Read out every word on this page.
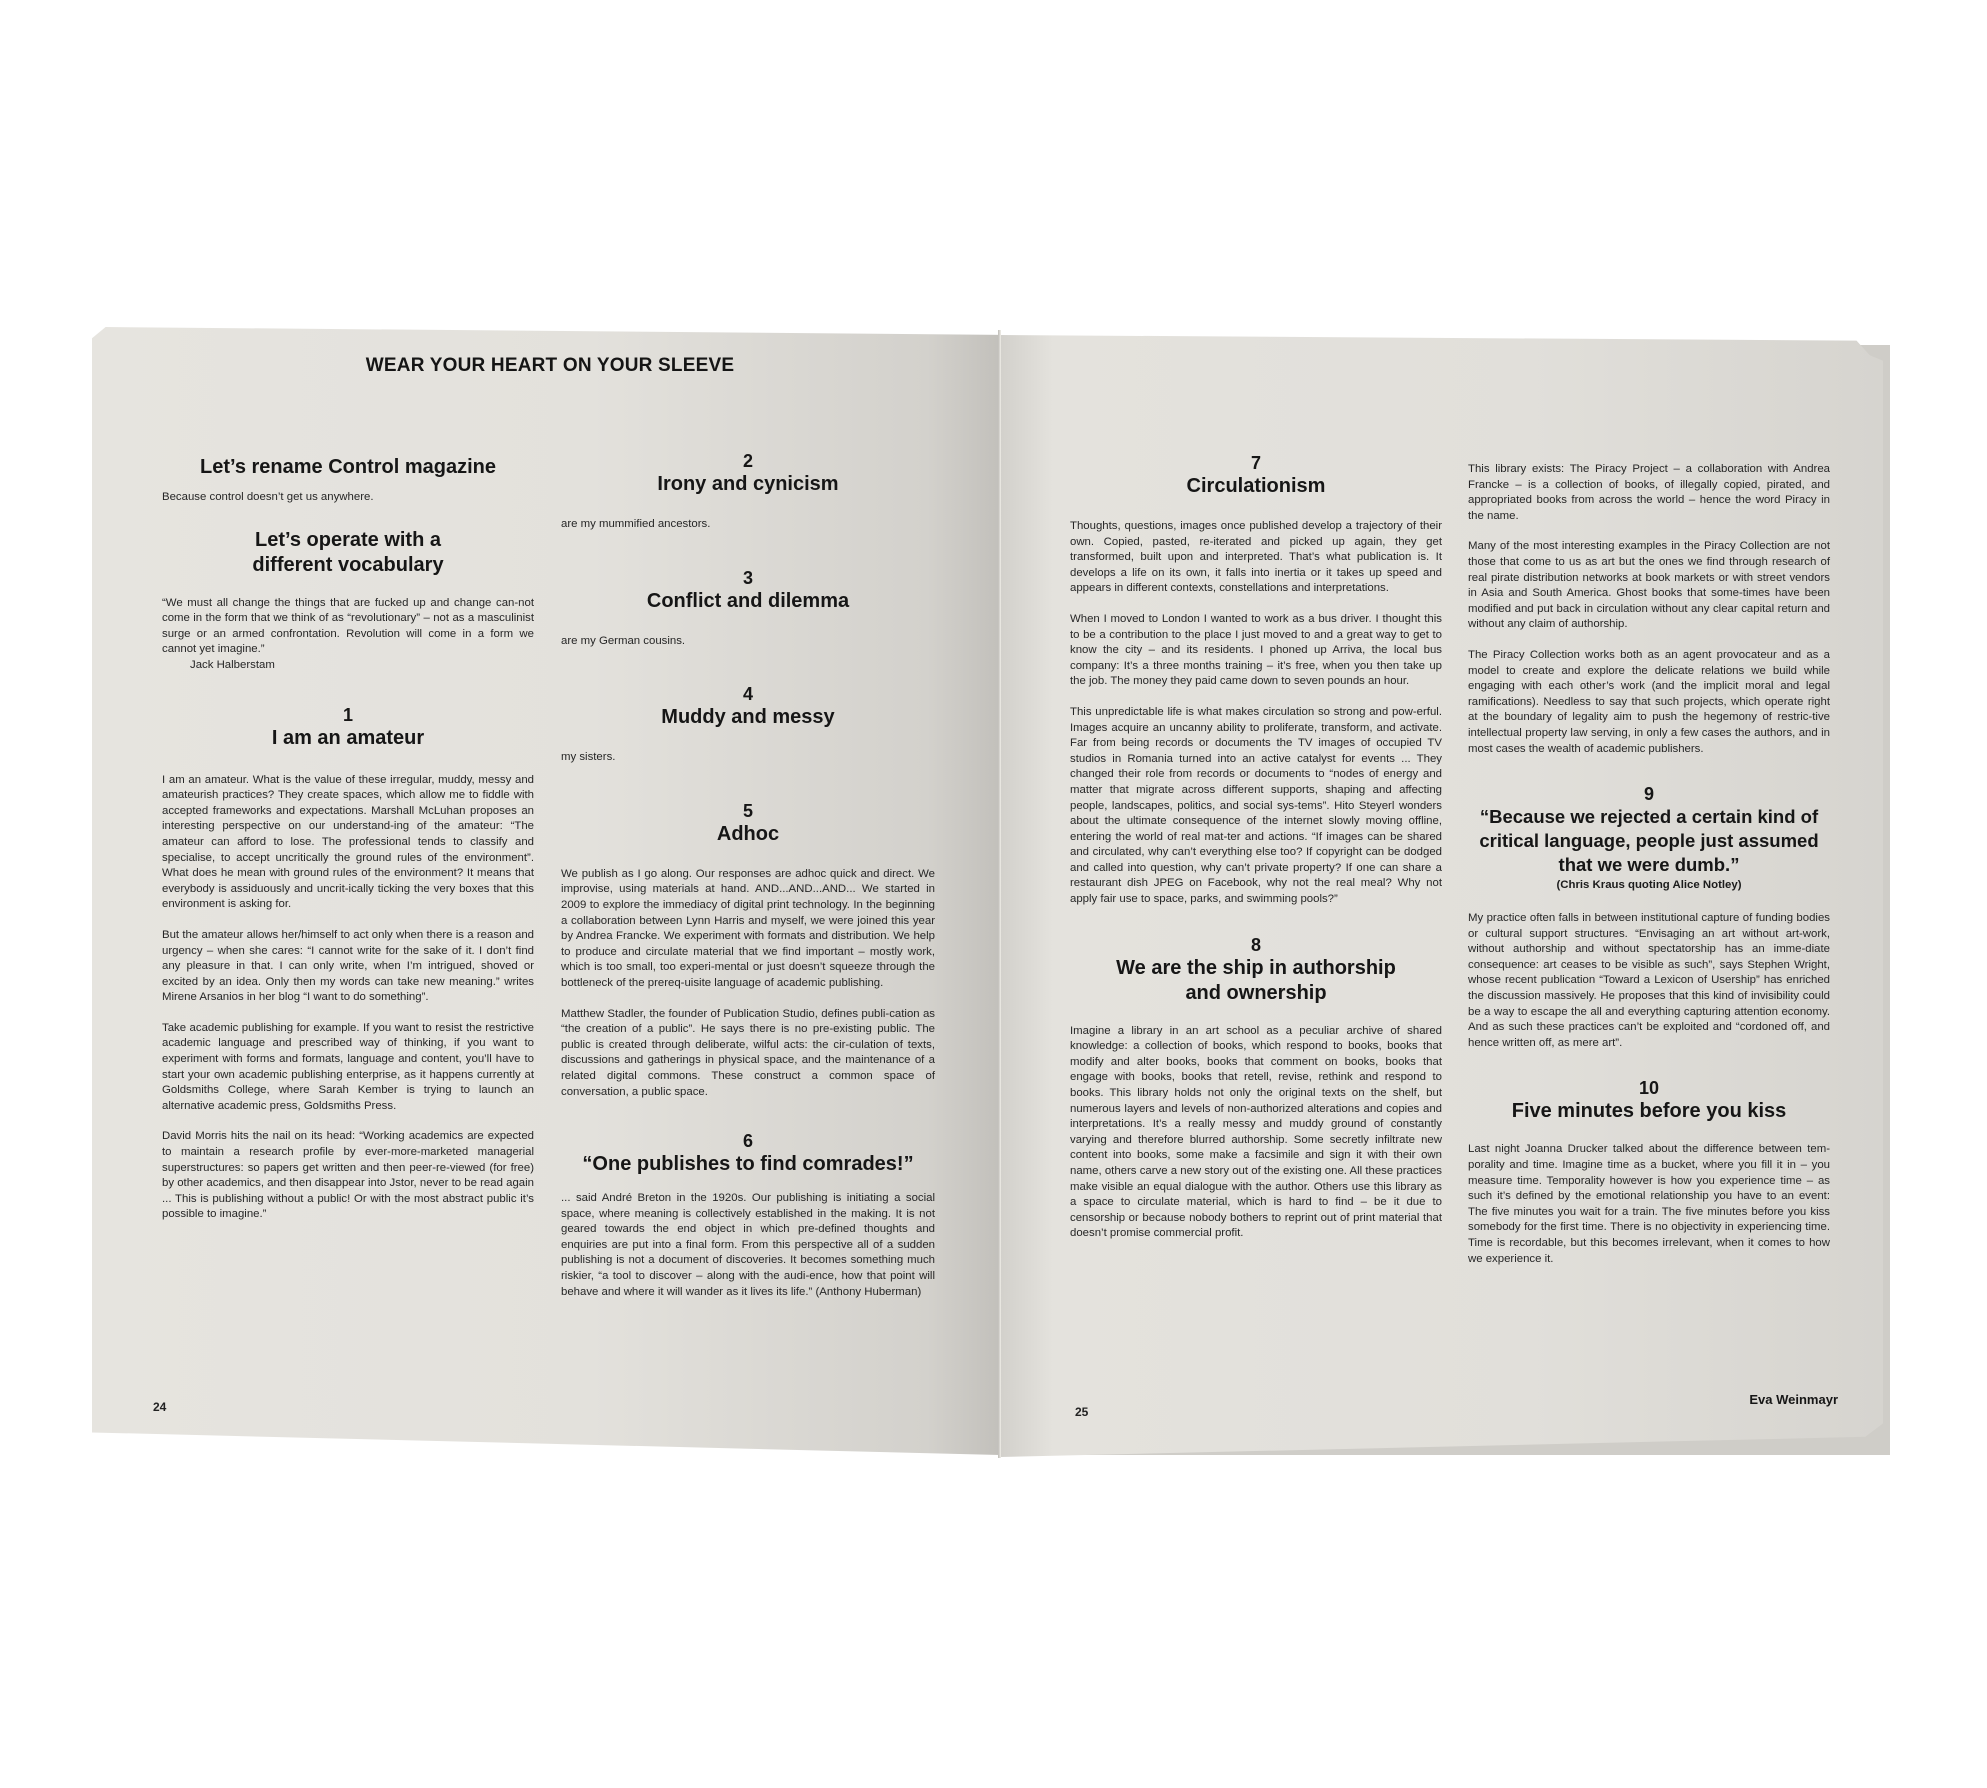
WEAR YOUR HEART ON YOUR SLEEVE

Let’s rename Control magazine

Because control doesn’t get us anywhere.

Let’s operate with a

different vocabulary

“We must all change the things that are fucked up and change can-not come in the form that we think of as “revolutionary” – not as a masculinist surge or an armed confrontation. Revolution will come in a form we cannot yet imagine.”

Jack Halberstam

1

I am an amateur

I am an amateur. What is the value of these irregular, muddy, messy and amateurish practices? They create spaces, which allow me to fiddle with accepted frameworks and expectations. Marshall McLuhan proposes an interesting perspective on our understand-ing of the amateur: “The amateur can afford to lose. The professional tends to classify and specialise, to accept uncritically the ground rules of the environment”. What does he mean with ground rules of the environment? It means that everybody is assiduously and uncrit-ically ticking the very boxes that this environment is asking for.

But the amateur allows her/himself to act only when there is a reason and urgency – when she cares: “I cannot write for the sake of it. I don’t find any pleasure in that. I can only write, when I’m intrigued, shoved or excited by an idea. Only then my words can take new meaning.” writes Mirene Arsanios in her blog “I want to do something”.

Take academic publishing for example. If you want to resist the restrictive academic language and prescribed way of thinking, if you want to experiment with forms and formats, language and content, you’ll have to start your own academic publishing enterprise, as it happens currently at Goldsmiths College, where Sarah Kember is trying to launch an alternative academic press, Goldsmiths Press.

David Morris hits the nail on its head: “Working academics are expected to maintain a research profile by ever-more-marketed managerial superstructures: so papers get written and then peer-re-viewed (for free) by other academics, and then disappear into Jstor, never to be read again ... This is publishing without a public! Or with the most abstract public it’s possible to imagine.”

2

Irony and cynicism

are my mummified ancestors.

3

Conflict and dilemma

are my German cousins.

4

Muddy and messy

my sisters.

5

Adhoc

We publish as I go along. Our responses are adhoc quick and direct. We improvise, using materials at hand. AND...AND...AND... We started in 2009 to explore the immediacy of digital print technology. In the beginning a collaboration between Lynn Harris and myself, we were joined this year by Andrea Francke. We experiment with formats and distribution. We help to produce and circulate material that we find important – mostly work, which is too small, too experi-mental or just doesn’t squeeze through the bottleneck of the prereq-uisite language of academic publishing.

Matthew Stadler, the founder of Publication Studio, defines publi-cation as “the creation of a public”. He says there is no pre-existing public. The public is created through deliberate, wilful acts: the cir-culation of texts, discussions and gatherings in physical space, and the maintenance of a related digital commons. These construct a common space of conversation, a public space.

6

“One publishes to find comrades!”

... said André Breton in the 1920s. Our publishing is initiating a social space, where meaning is collectively established in the making. It is not geared towards the end object in which pre-defined thoughts and enquiries are put into a final form. From this perspective all of a sudden publishing is not a document of discoveries. It becomes something much riskier, “a tool to discover – along with the audi-ence, how that point will behave and where it will wander as it lives its life.” (Anthony Huberman)

24

7

Circulationism

Thoughts, questions, images once published develop a trajectory of their own. Copied, pasted, re-iterated and picked up again, they get transformed, built upon and interpreted. That’s what publication is. It develops a life on its own, it falls into inertia or it takes up speed and appears in different contexts, constellations and interpretations.

When I moved to London I wanted to work as a bus driver. I thought this to be a contribution to the place I just moved to and a great way to get to know the city – and its residents. I phoned up Arriva, the local bus company: It’s a three months training – it’s free, when you then take up the job. The money they paid came down to seven pounds an hour.

This unpredictable life is what makes circulation so strong and pow-erful. Images acquire an uncanny ability to proliferate, transform, and activate. Far from being records or documents the TV images of occupied TV studios in Romania turned into an active catalyst for events ... They changed their role from records or documents to “nodes of energy and matter that migrate across different supports, shaping and affecting people, landscapes, politics, and social sys-tems”. Hito Steyerl wonders about the ultimate consequence of the internet slowly moving offline, entering the world of real mat-ter and actions. “If images can be shared and circulated, why can’t everything else too? If copyright can be dodged and called into question, why can’t private property? If one can share a restaurant dish JPEG on Facebook, why not the real meal? Why not apply fair use to space, parks, and swimming pools?”

8

We are the ship in authorship

and ownership

Imagine a library in an art school as a peculiar archive of shared knowledge: a collection of books, which respond to books, books that modify and alter books, books that comment on books, books that engage with books, books that retell, revise, rethink and respond to books. This library holds not only the original texts on the shelf, but numerous layers and levels of non-authorized alterations and copies and interpretations. It’s a really messy and muddy ground of constantly varying and therefore blurred authorship. Some secretly infiltrate new content into books, some make a facsimile and sign it with their own name, others carve a new story out of the existing one. All these practices make visible an equal dialogue with the author. Others use this library as a space to circulate material, which is hard to find – be it due to censorship or because nobody bothers to reprint out of print material that doesn’t promise commercial profit.

This library exists: The Piracy Project – a collaboration with Andrea Francke – is a collection of books, of illegally copied, pirated, and appropriated books from across the world – hence the word Piracy in the name.

Many of the most interesting examples in the Piracy Collection are not those that come to us as art but the ones we find through research of real pirate distribution networks at book markets or with street vendors in Asia and South America. Ghost books that some-times have been modified and put back in circulation without any clear capital return and without any claim of authorship.

The Piracy Collection works both as an agent provocateur and as a model to create and explore the delicate relations we build while engaging with each other’s work (and the implicit moral and legal ramifications). Needless to say that such projects, which operate right at the boundary of legality aim to push the hegemony of restric-tive intellectual property law serving, in only a few cases the authors, and in most cases the wealth of academic publishers.

9

“Because we rejected a certain kind of

critical language, people just assumed

that we were dumb.”

(Chris Kraus quoting Alice Notley)

My practice often falls in between institutional capture of funding bodies or cultural support structures. “Envisaging an art without art-work, without authorship and without spectatorship has an imme-diate consequence: art ceases to be visible as such”, says Stephen Wright, whose recent publication “Toward a Lexicon of Usership” has enriched the discussion massively. He proposes that this kind of invisibility could be a way to escape the all and everything capturing attention economy. And as such these practices can’t be exploited and “cordoned off, and hence written off, as mere art”.

10

Five minutes before you kiss

Last night Joanna Drucker talked about the difference between tem-porality and time. Imagine time as a bucket, where you fill it in – you measure time. Temporality however is how you experience time – as such it’s defined by the emotional relationship you have to an event: The five minutes you wait for a train. The five minutes before you kiss somebody for the first time. There is no objectivity in experiencing time. Time is recordable, but this becomes irrelevant, when it comes to how we experience it.

25
Eva Weinmayr
